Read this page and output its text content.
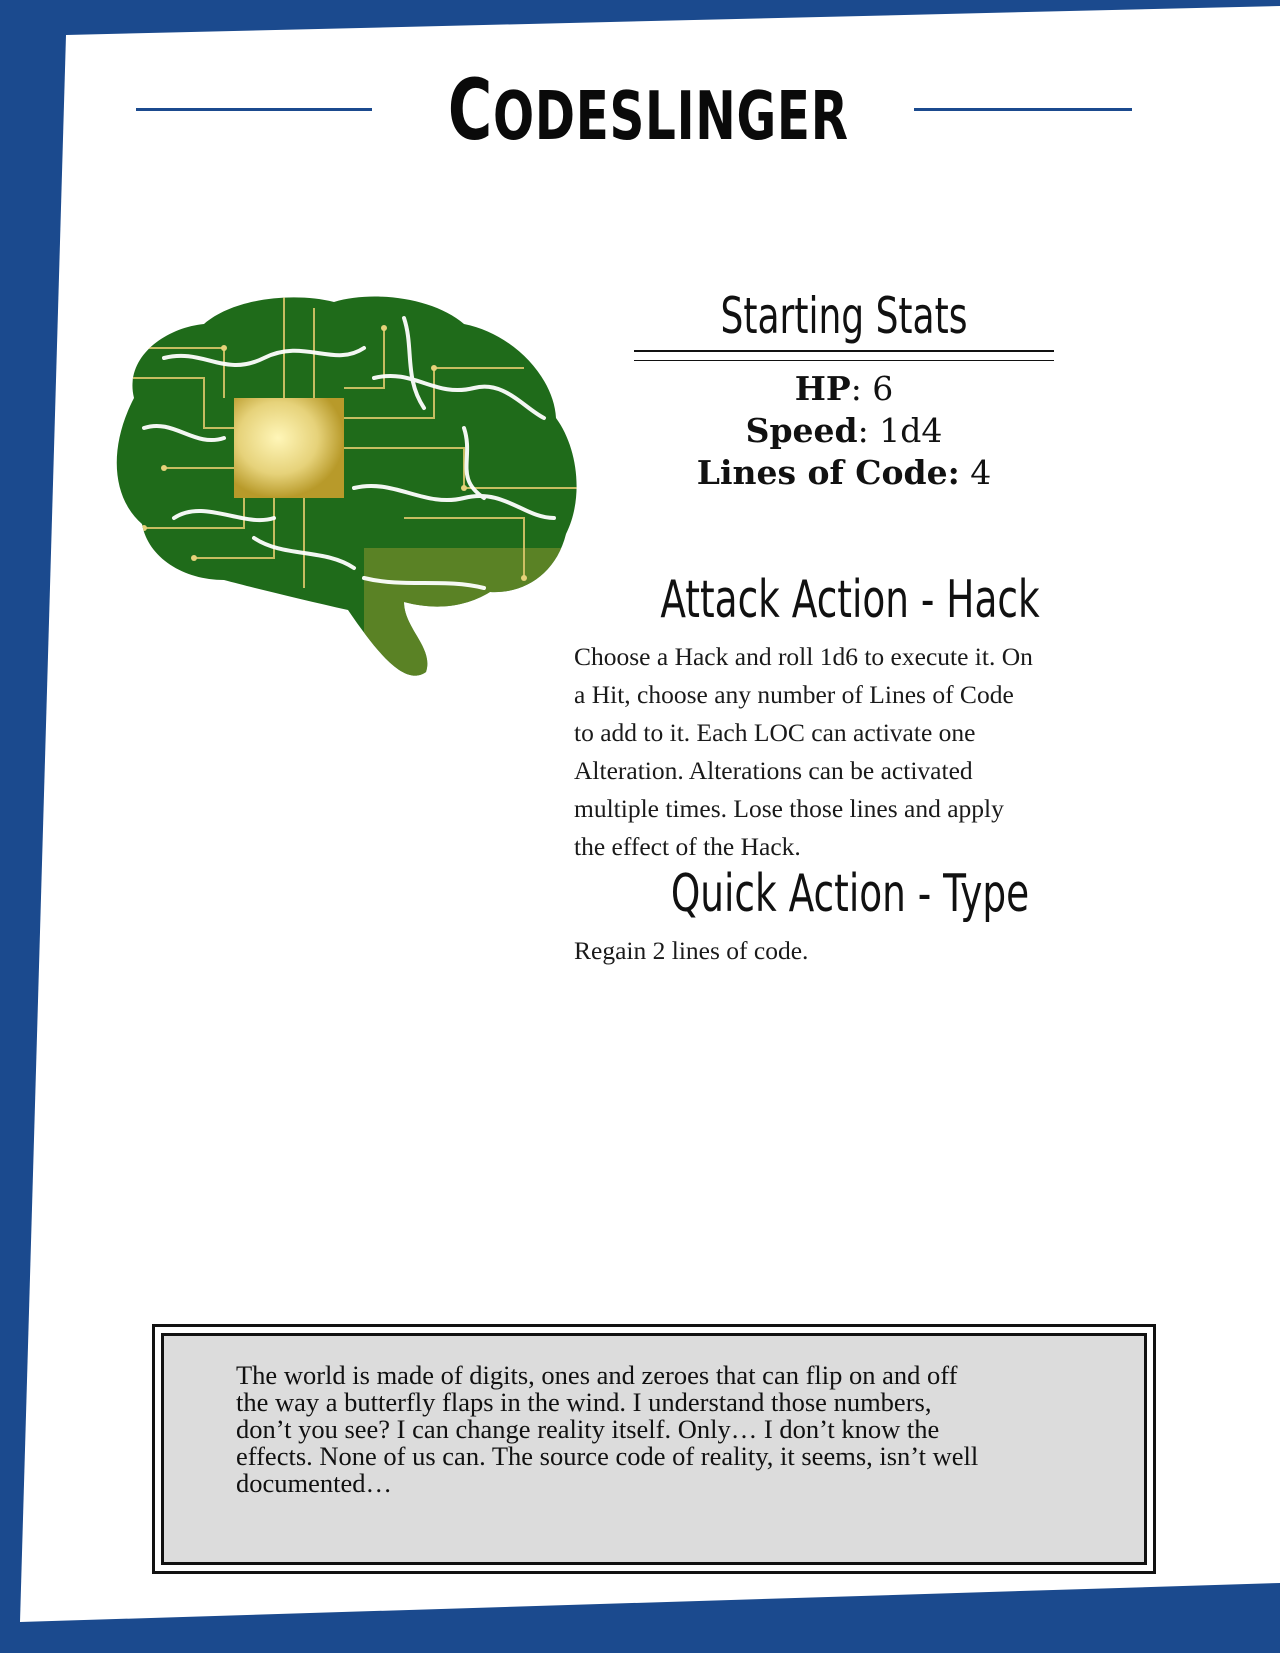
CODESLINGER
Starting Stats
HP: 6
Speed: 1d4
Lines of Code: 4
Attack Action - Hack
Choose a Hack and roll 1d6 to execute it. On
a Hit, choose any number of Lines of Code
to add to it. Each LOC can activate one
Alteration. Alterations can be activated
multiple times. Lose those lines and apply
the effect of the Hack.
Quick Action - Type
Regain 2 lines of code.
The world is made of digits, ones and zeroes that can flip on and off
the way a butterfly flaps in the wind. I understand those numbers,
don’t you see? I can change reality itself. Only… I don’t know the
effects. None of us can. The source code of reality, it seems, isn’t well
documented…
